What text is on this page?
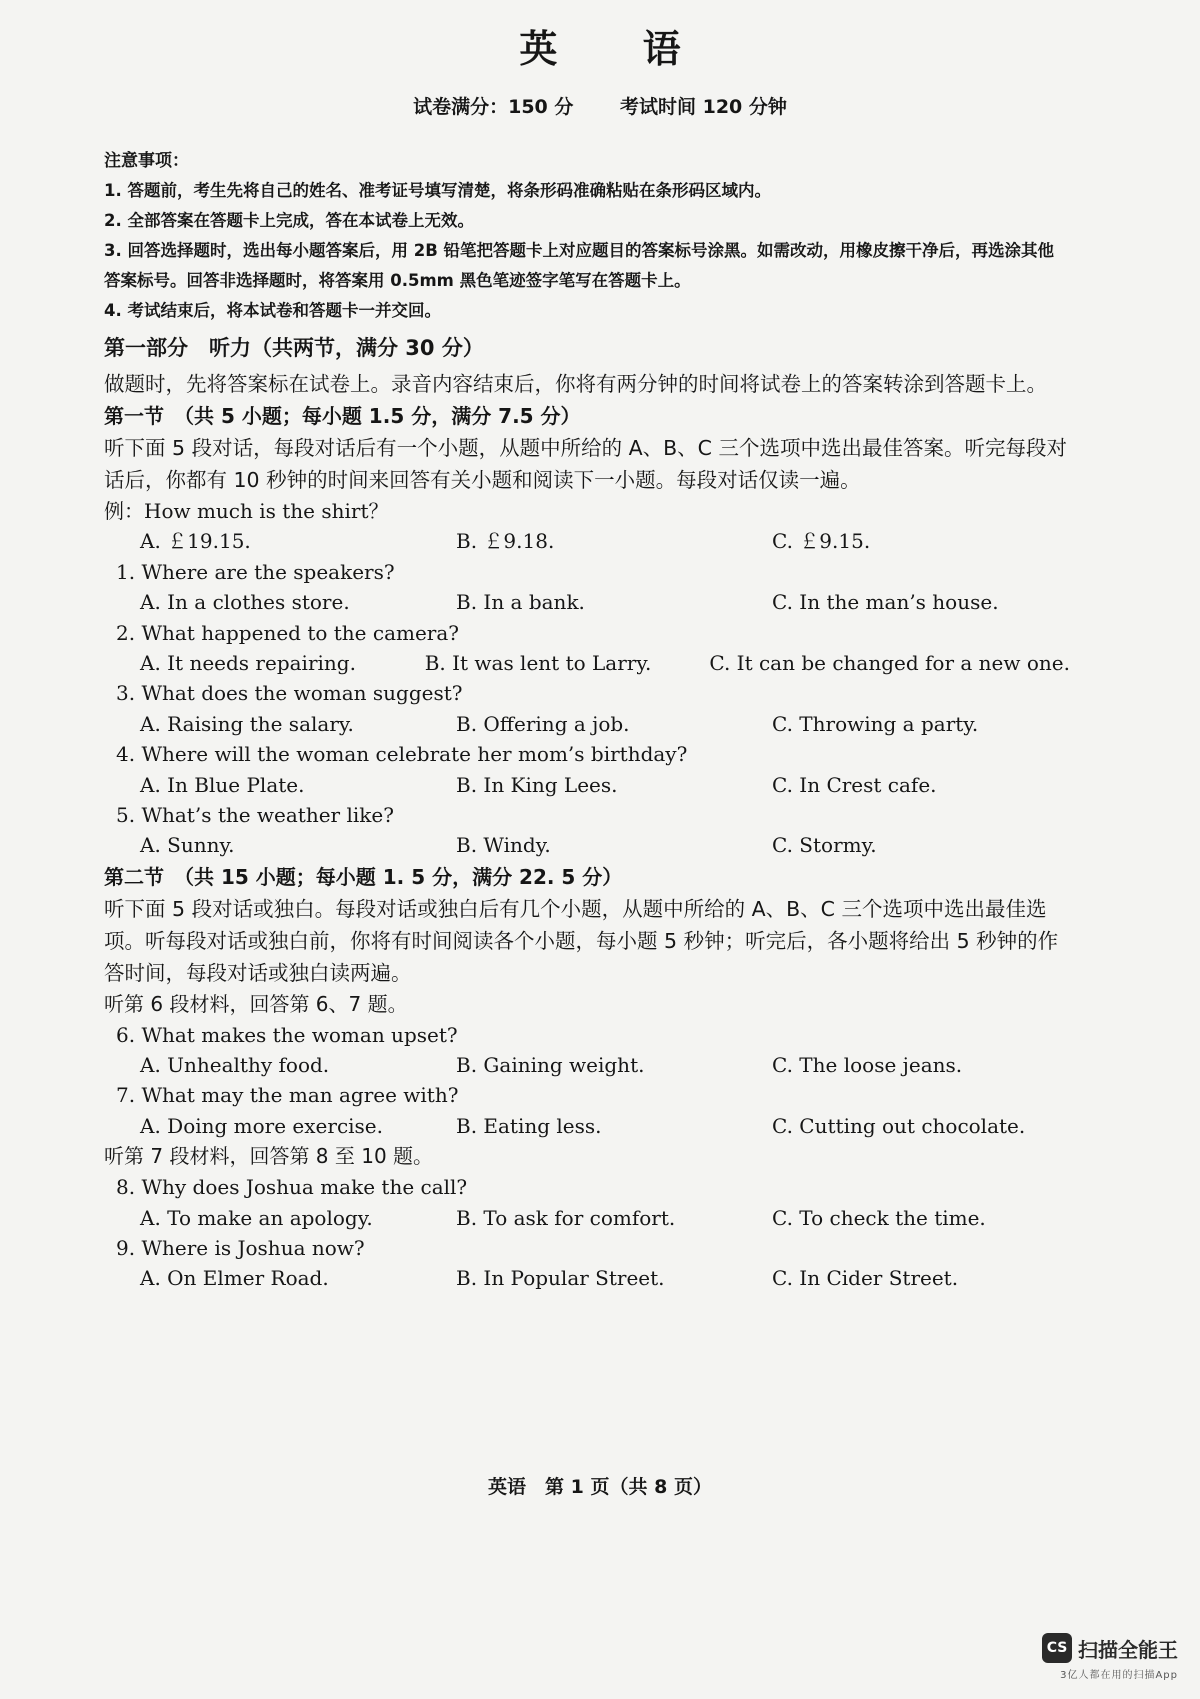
英 语
试卷满分：150 分 考试时间 120 分钟
注意事项：
1. 答题前，考生先将自己的姓名、准考证号填写清楚，将条形码准确粘贴在条形码区域内。
2. 全部答案在答题卡上完成，答在本试卷上无效。
3. 回答选择题时，选出每小题答案后，用 2B 铅笔把答题卡上对应题目的答案标号涂黑。如需改动，用橡皮擦干净后，再选涂其他答案标号。回答非选择题时，将答案用 0.5mm 黑色笔迹签字笔写在答题卡上。
4. 考试结束后，将本试卷和答题卡一并交回。
第一部分　听力（共两节，满分 30 分）
做题时，先将答案标在试卷上。录音内容结束后，你将有两分钟的时间将试卷上的答案转涂到答题卡上。
第一节　（共 5 小题；每小题 1.5 分，满分 7.5 分）
听下面 5 段对话，每段对话后有一个小题，从题中所给的 A、B、C 三个选项中选出最佳答案。听完每段对话后，你都有 10 秒钟的时间来回答有关小题和阅读下一小题。每段对话仅读一遍。
例：How much is the shirt？
A. ￡19.15.	B. ￡9.18.	C. ￡9.15.
1. Where are the speakers?
A. In a clothes store.	B. In a bank.	C. In the man’s house.
2. What happened to the camera?
A. It needs repairing.	B. It was lent to Larry.	C. It can be changed for a new one.
3. What does the woman suggest?
A. Raising the salary.	B. Offering a job.	C. Throwing a party.
4. Where will the woman celebrate her mom’s birthday?
A. In Blue Plate.	B. In King Lees.	C. In Crest cafe.
5. What’s the weather like?
A. Sunny.	B. Windy.	C. Stormy.
第二节　（共 15 小题；每小题 1. 5 分，满分 22. 5 分）
听下面 5 段对话或独白。每段对话或独白后有几个小题，从题中所给的 A、B、C 三个选项中选出最佳选项。听每段对话或独白前，你将有时间阅读各个小题，每小题 5 秒钟；听完后，各小题将给出 5 秒钟的作答时间，每段对话或独白读两遍。
听第 6 段材料，回答第 6、7 题。
6. What makes the woman upset?
A. Unhealthy food.	B. Gaining weight.	C. The loose jeans.
7. What may the man agree with?
A. Doing more exercise.	B. Eating less.	C. Cutting out chocolate.
听第 7 段材料，回答第 8 至 10 题。
8. Why does Joshua make the call?
A. To make an apology.	B. To ask for comfort.	C. To check the time.
9. Where is Joshua now?
A. On Elmer Road.	B. In Popular Street.	C. In Cider Street.
英语　第 1 页（共 8 页）
CS 扫描全能王
3亿人都在用的扫描App
